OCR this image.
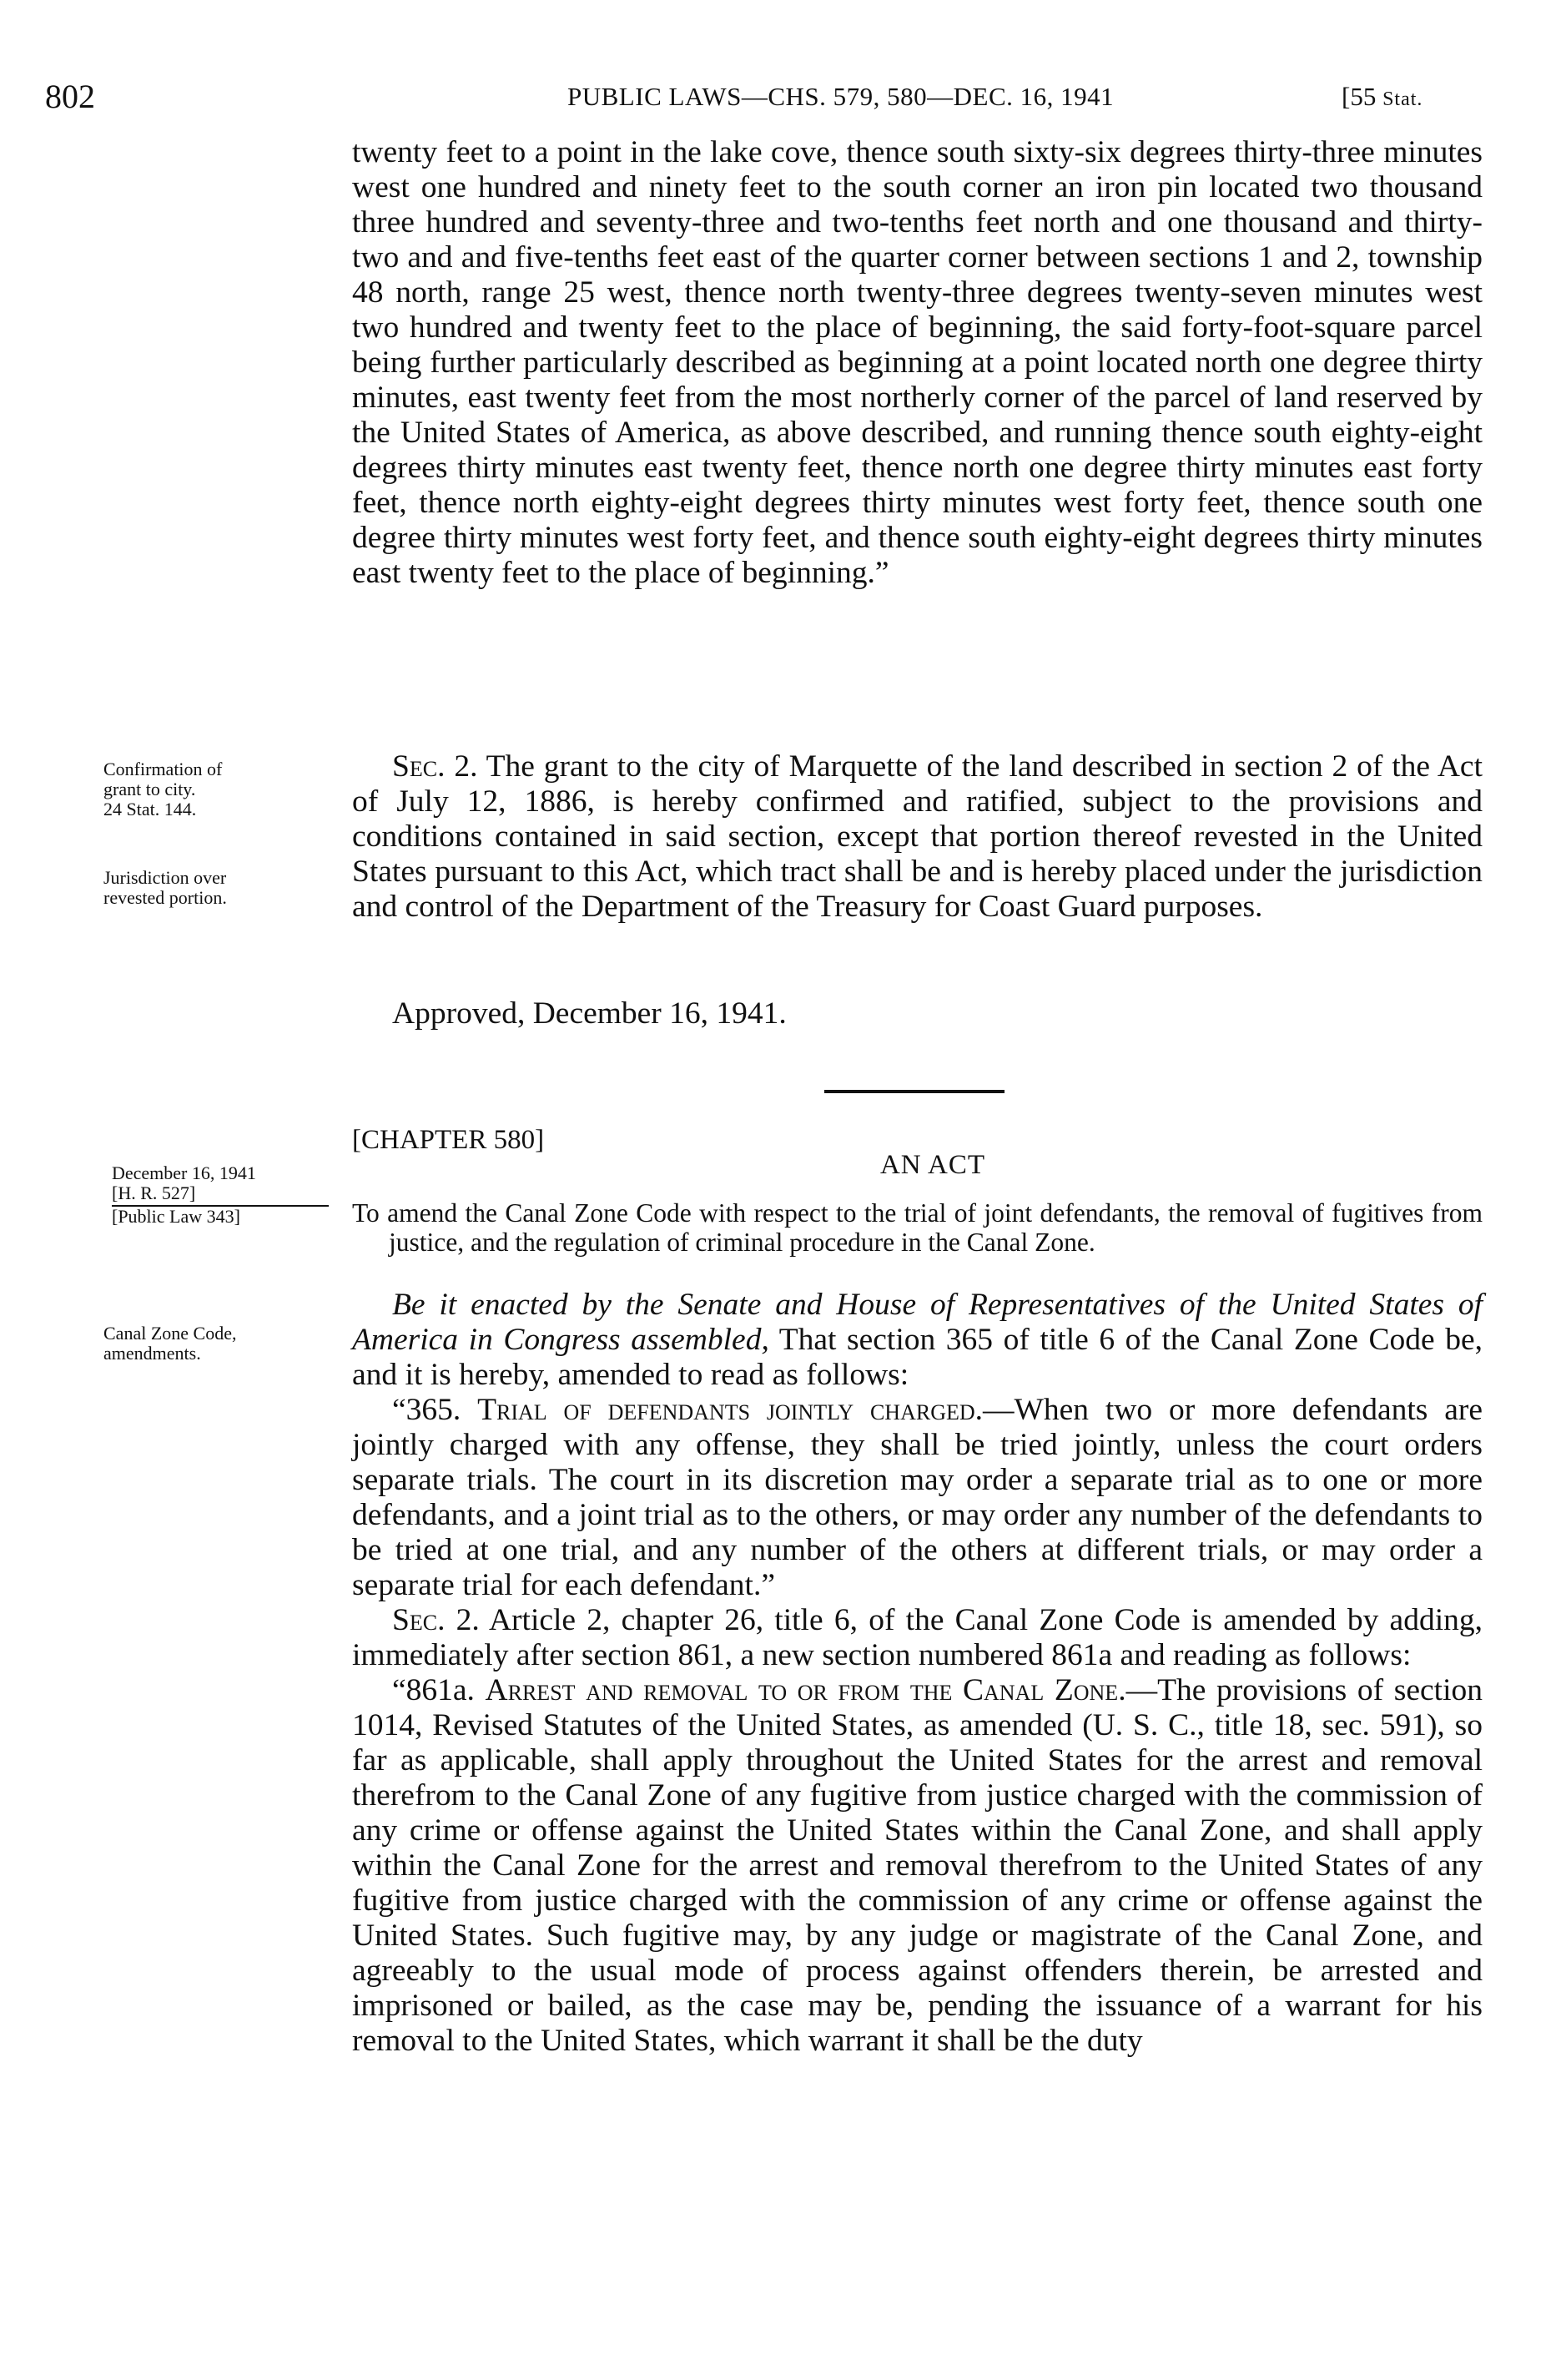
802	PUBLIC LAWS—CHS. 579, 580—DEC. 16, 1941	[55 Stat.

twenty feet to a point in the lake cove, thence south sixty-six degrees thirty-three minutes west one hundred and ninety feet to the south corner an iron pin located two thousand three hundred and seventy-three and two-tenths feet north and one thousand and thirty-two and and five-tenths feet east of the quarter corner between sections 1 and 2, township 48 north, range 25 west, thence north twenty-three degrees twenty-seven minutes west two hundred and twenty feet to the place of beginning, the said forty-foot-square parcel being further particularly described as beginning at a point located north one degree thirty minutes, east twenty feet from the most northerly corner of the parcel of land reserved by the United States of America, as above described, and running thence south eighty-eight degrees thirty minutes east twenty feet, thence north one degree thirty minutes east forty feet, thence north eighty-eight degrees thirty minutes west forty feet, thence south one degree thirty minutes west forty feet, and thence south eighty-eight degrees thirty minutes east twenty feet to the place of beginning.”

Sec. 2. The grant to the city of Marquette of the land described in section 2 of the Act of July 12, 1886, is hereby confirmed and ratified, subject to the provisions and conditions contained in said section, except that portion thereof revested in the United States pursuant to this Act, which tract shall be and is hereby placed under the jurisdiction and control of the Department of the Treasury for Coast Guard purposes.

Approved, December 16, 1941.

[CHAPTER 580]
AN ACT

To amend the Canal Zone Code with respect to the trial of joint defendants, the removal of fugitives from justice, and the regulation of criminal procedure in the Canal Zone.

Be it enacted by the Senate and House of Representatives of the United States of America in Congress assembled, That section 365 of title 6 of the Canal Zone Code be, and it is hereby, amended to read as follows:

“365. Trial of defendants jointly charged.—When two or more defendants are jointly charged with any offense, they shall be tried jointly, unless the court orders separate trials. The court in its discretion may order a separate trial as to one or more defendants, and a joint trial as to the others, or may order any number of the defendants to be tried at one trial, and any number of the others at different trials, or may order a separate trial for each defendant.”

Sec. 2. Article 2, chapter 26, title 6, of the Canal Zone Code is amended by adding, immediately after section 861, a new section numbered 861a and reading as follows:

“861a. Arrest and removal to or from the Canal Zone.—The provisions of section 1014, Revised Statutes of the United States, as amended (U. S. C., title 18, sec. 591), so far as applicable, shall apply throughout the United States for the arrest and removal therefrom to the Canal Zone of any fugitive from justice charged with the commission of any crime or offense against the United States within the Canal Zone, and shall apply within the Canal Zone for the arrest and removal therefrom to the United States of any fugitive from justice charged with the commission of any crime or offense against the United States. Such fugitive may, by any judge or magistrate of the Canal Zone, and agreeably to the usual mode of process against offenders therein, be arrested and imprisoned or bailed, as the case may be, pending the issuance of a warrant for his removal to the United States, which warrant it shall be the duty

Confirmation of
grant to city.
24 Stat. 144.
Jurisdiction over
revested portion.
December 16, 1941
[H. R. 527]
[Public Law 343]
Canal Zone Code,
amendments.
